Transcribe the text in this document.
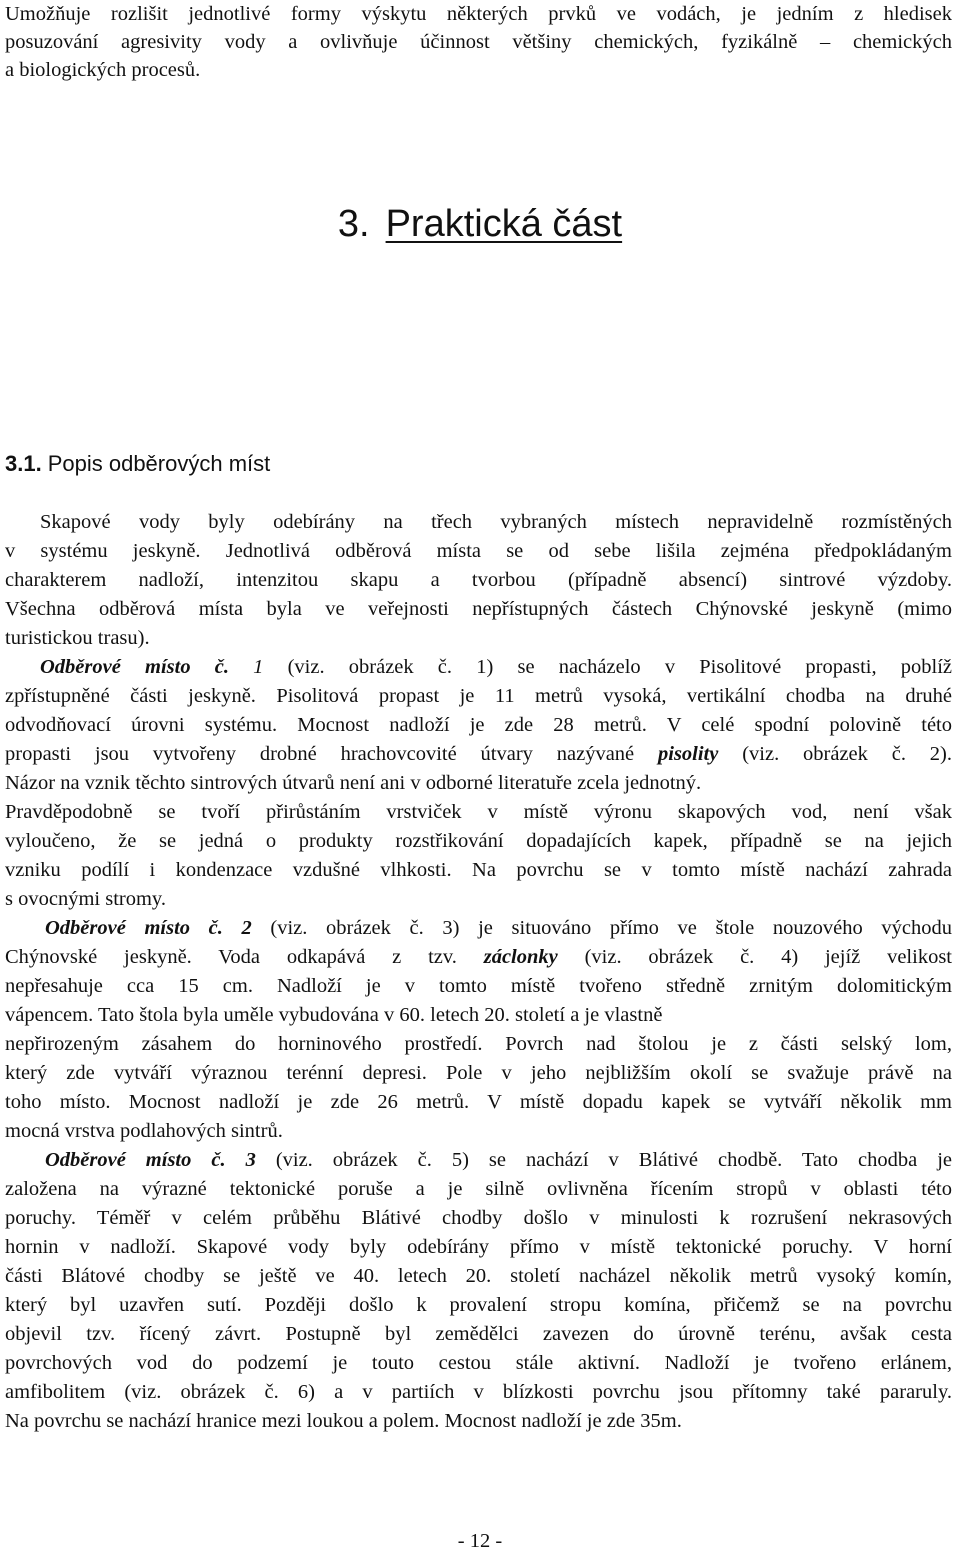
Umožňuje rozlišit jednotlivé formy výskytu některých prvků ve vodách, je jedním z hledisek
posuzování agresivity vody a ovlivňuje účinnost většiny chemických, fyzikálně – chemických
a biologických procesů.
3. Praktická část
3.1. Popis odběrových míst
Skapové vody byly odebírány na třech vybraných místech nepravidelně rozmístěných
v systému jeskyně. Jednotlivá odběrová místa se od sebe lišila zejména předpokládaným
charakterem nadloží, intenzitou skapu a tvorbou (případně absencí) sintrové výzdoby.
Všechna odběrová místa byla ve veřejnosti nepřístupných částech Chýnovské jeskyně (mimo
turistickou trasu).
Odběrové místo č. 1 (viz. obrázek č. 1) se nacházelo v Pisolitové propasti, poblíž
zpřístupněné části jeskyně. Pisolitová propast je 11 metrů vysoká, vertikální chodba na druhé
odvodňovací úrovni systému. Mocnost nadloží je zde 28 metrů. V celé spodní polovině této
propasti jsou vytvořeny drobné hrachovcovité útvary nazývané pisolity (viz. obrázek č. 2).
Názor na vznik těchto sintrových útvarů není ani v odborné literatuře zcela jednotný.
Pravděpodobně se tvoří přirůstáním vrstviček v místě výronu skapových vod, není však
vyloučeno, že se jedná o produkty rozstřikování dopadajících kapek, případně se na jejich
vzniku podílí i kondenzace vzdušné vlhkosti. Na povrchu se v tomto místě nachází zahrada
s ovocnými stromy.
Odběrové místo č. 2 (viz. obrázek č. 3) je situováno přímo ve štole nouzového východu
Chýnovské jeskyně. Voda odkapává z tzv. záclonky (viz. obrázek č. 4) jejíž velikost
nepřesahuje cca 15 cm. Nadloží je v tomto místě tvořeno středně zrnitým dolomitickým
vápencem. Tato štola byla uměle vybudována v 60. letech 20. století a je vlastně
nepřirozeným zásahem do horninového prostředí. Povrch nad štolou je z části selský lom,
který zde vytváří výraznou terénní depresi. Pole v jeho nejbližším okolí se svažuje právě na
toho místo. Mocnost nadloží je zde 26 metrů. V místě dopadu kapek se vytváří několik mm
mocná vrstva podlahových sintrů.
Odběrové místo č. 3 (viz. obrázek č. 5) se nachází v Blátivé chodbě. Tato chodba je
založena na výrazné tektonické poruše a je silně ovlivněna řícením stropů v oblasti této
poruchy. Téměř v celém průběhu Blátivé chodby došlo v minulosti k rozrušení nekrasových
hornin v nadloží. Skapové vody byly odebírány přímo v místě tektonické poruchy. V horní
části Blátové chodby se ještě ve 40. letech 20. století nacházel několik metrů vysoký komín,
který byl uzavřen sutí. Později došlo k provalení stropu komína, přičemž se na povrchu
objevil tzv. řícený závrt. Postupně byl zemědělci zavezen do úrovně terénu, avšak cesta
povrchových vod do podzemí je touto cestou stále aktivní. Nadloží je tvořeno erlánem,
amfibolitem (viz. obrázek č. 6) a v partiích v blízkosti povrchu jsou přítomny také pararuly.
Na povrchu se nachází hranice mezi loukou a polem. Mocnost nadloží je zde 35m.
- 12 -
